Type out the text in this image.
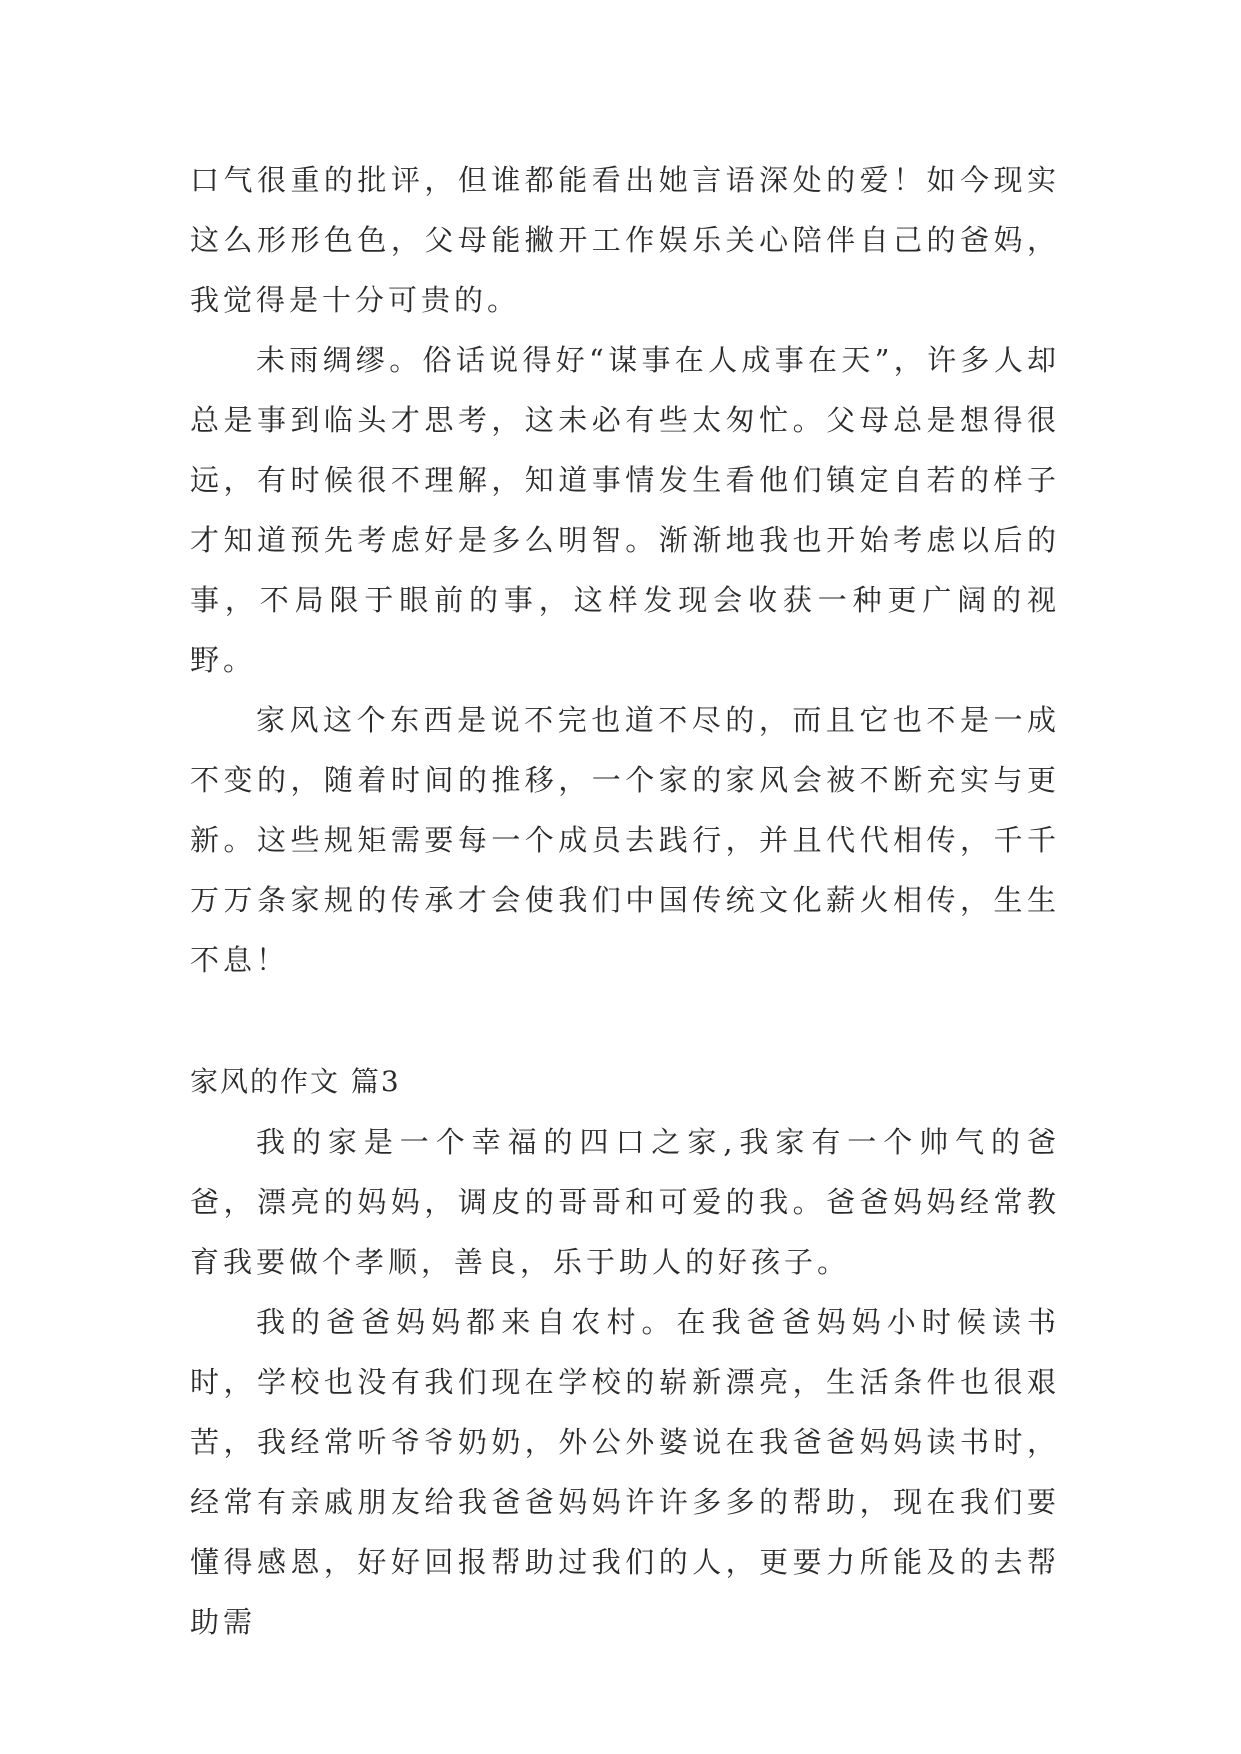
口气很重的批评，但谁都能看出她言语深处的爱！如今现实这么形形色色，父母能撇开工作娱乐关心陪伴自己的爸妈，我觉得是十分可贵的。

未雨绸缪。俗话说得好“谋事在人成事在天”，许多人却总是事到临头才思考，这未必有些太匆忙。父母总是想得很远，有时候很不理解，知道事情发生看他们镇定自若的样子才知道预先考虑好是多么明智。渐渐地我也开始考虑以后的事，不局限于眼前的事，这样发现会收获一种更广阔的视野。

家风这个东西是说不完也道不尽的，而且它也不是一成不变的，随着时间的推移，一个家的家风会被不断充实与更新。这些规矩需要每一个成员去践行，并且代代相传，千千万万条家规的传承才会使我们中国传统文化薪火相传，生生不息！

家风的作文 篇3

我的家是一个幸福的四口之家,我家有一个帅气的爸爸，漂亮的妈妈，调皮的哥哥和可爱的我。爸爸妈妈经常教育我要做个孝顺，善良，乐于助人的好孩子。

我的爸爸妈妈都来自农村。在我爸爸妈妈小时候读书时，学校也没有我们现在学校的崭新漂亮，生活条件也很艰苦，我经常听爷爷奶奶，外公外婆说在我爸爸妈妈读书时，经常有亲戚朋友给我爸爸妈妈许许多多的帮助，现在我们要懂得感恩，好好回报帮助过我们的人，更要力所能及的去帮助需
